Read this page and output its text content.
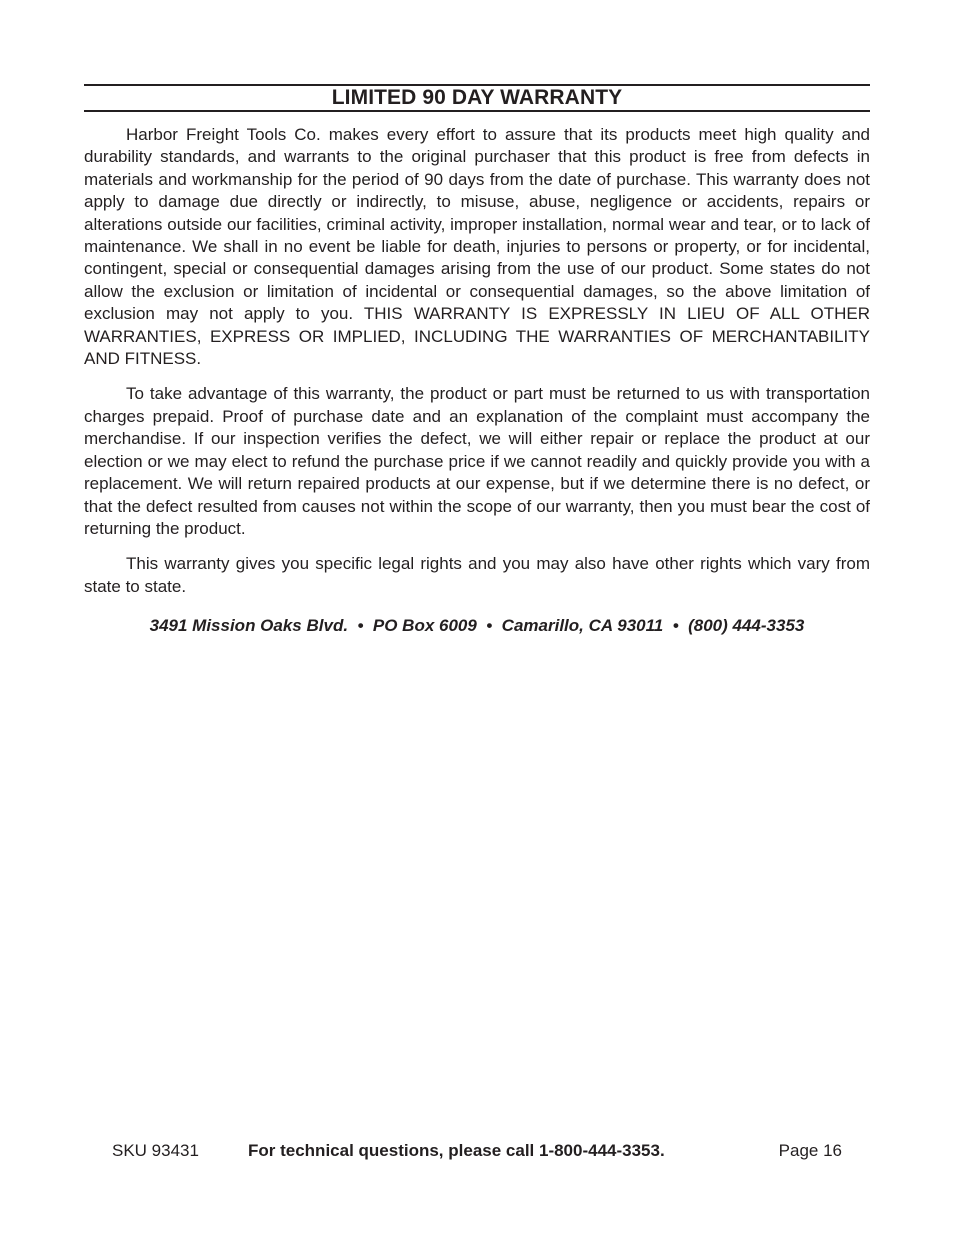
LIMITED 90 DAY WARRANTY

Harbor Freight Tools Co. makes every effort to assure that its products meet high quality and durability standards, and warrants to the original purchaser that this product is free from defects in materials and workmanship for the period of 90 days from the date of purchase. This warranty does not apply to damage due directly or indirectly, to misuse, abuse, negligence or accidents, repairs or alterations outside our facilities, criminal activity, improper installation, normal wear and tear, or to lack of maintenance. We shall in no event be liable for death, injuries to persons or property, or for incidental, contingent, special or consequential damages arising from the use of our product. Some states do not allow the exclusion or limitation of incidental or consequential damages, so the above limitation of exclusion may not apply to you. THIS WARRANTY IS EXPRESSLY IN LIEU OF ALL OTHER WARRANTIES, EXPRESS OR IMPLIED, INCLUDING THE WARRANTIES OF MERCHANTABILITY AND FITNESS.

To take advantage of this warranty, the product or part must be returned to us with transportation charges prepaid. Proof of purchase date and an explanation of the complaint must accompany the merchandise. If our inspection verifies the defect, we will either repair or replace the product at our election or we may elect to refund the purchase price if we cannot readily and quickly provide you with a replacement. We will return repaired products at our expense, but if we determine there is no defect, or that the defect resulted from causes not within the scope of our warranty, then you must bear the cost of returning the product.

This warranty gives you specific legal rights and you may also have other rights which vary from state to state.

3491 Mission Oaks Blvd.  •  PO Box 6009  •  Camarillo, CA 93011  •  (800) 444-3353
SKU 93431	For technical questions, please call 1-800-444-3353.	Page 16
